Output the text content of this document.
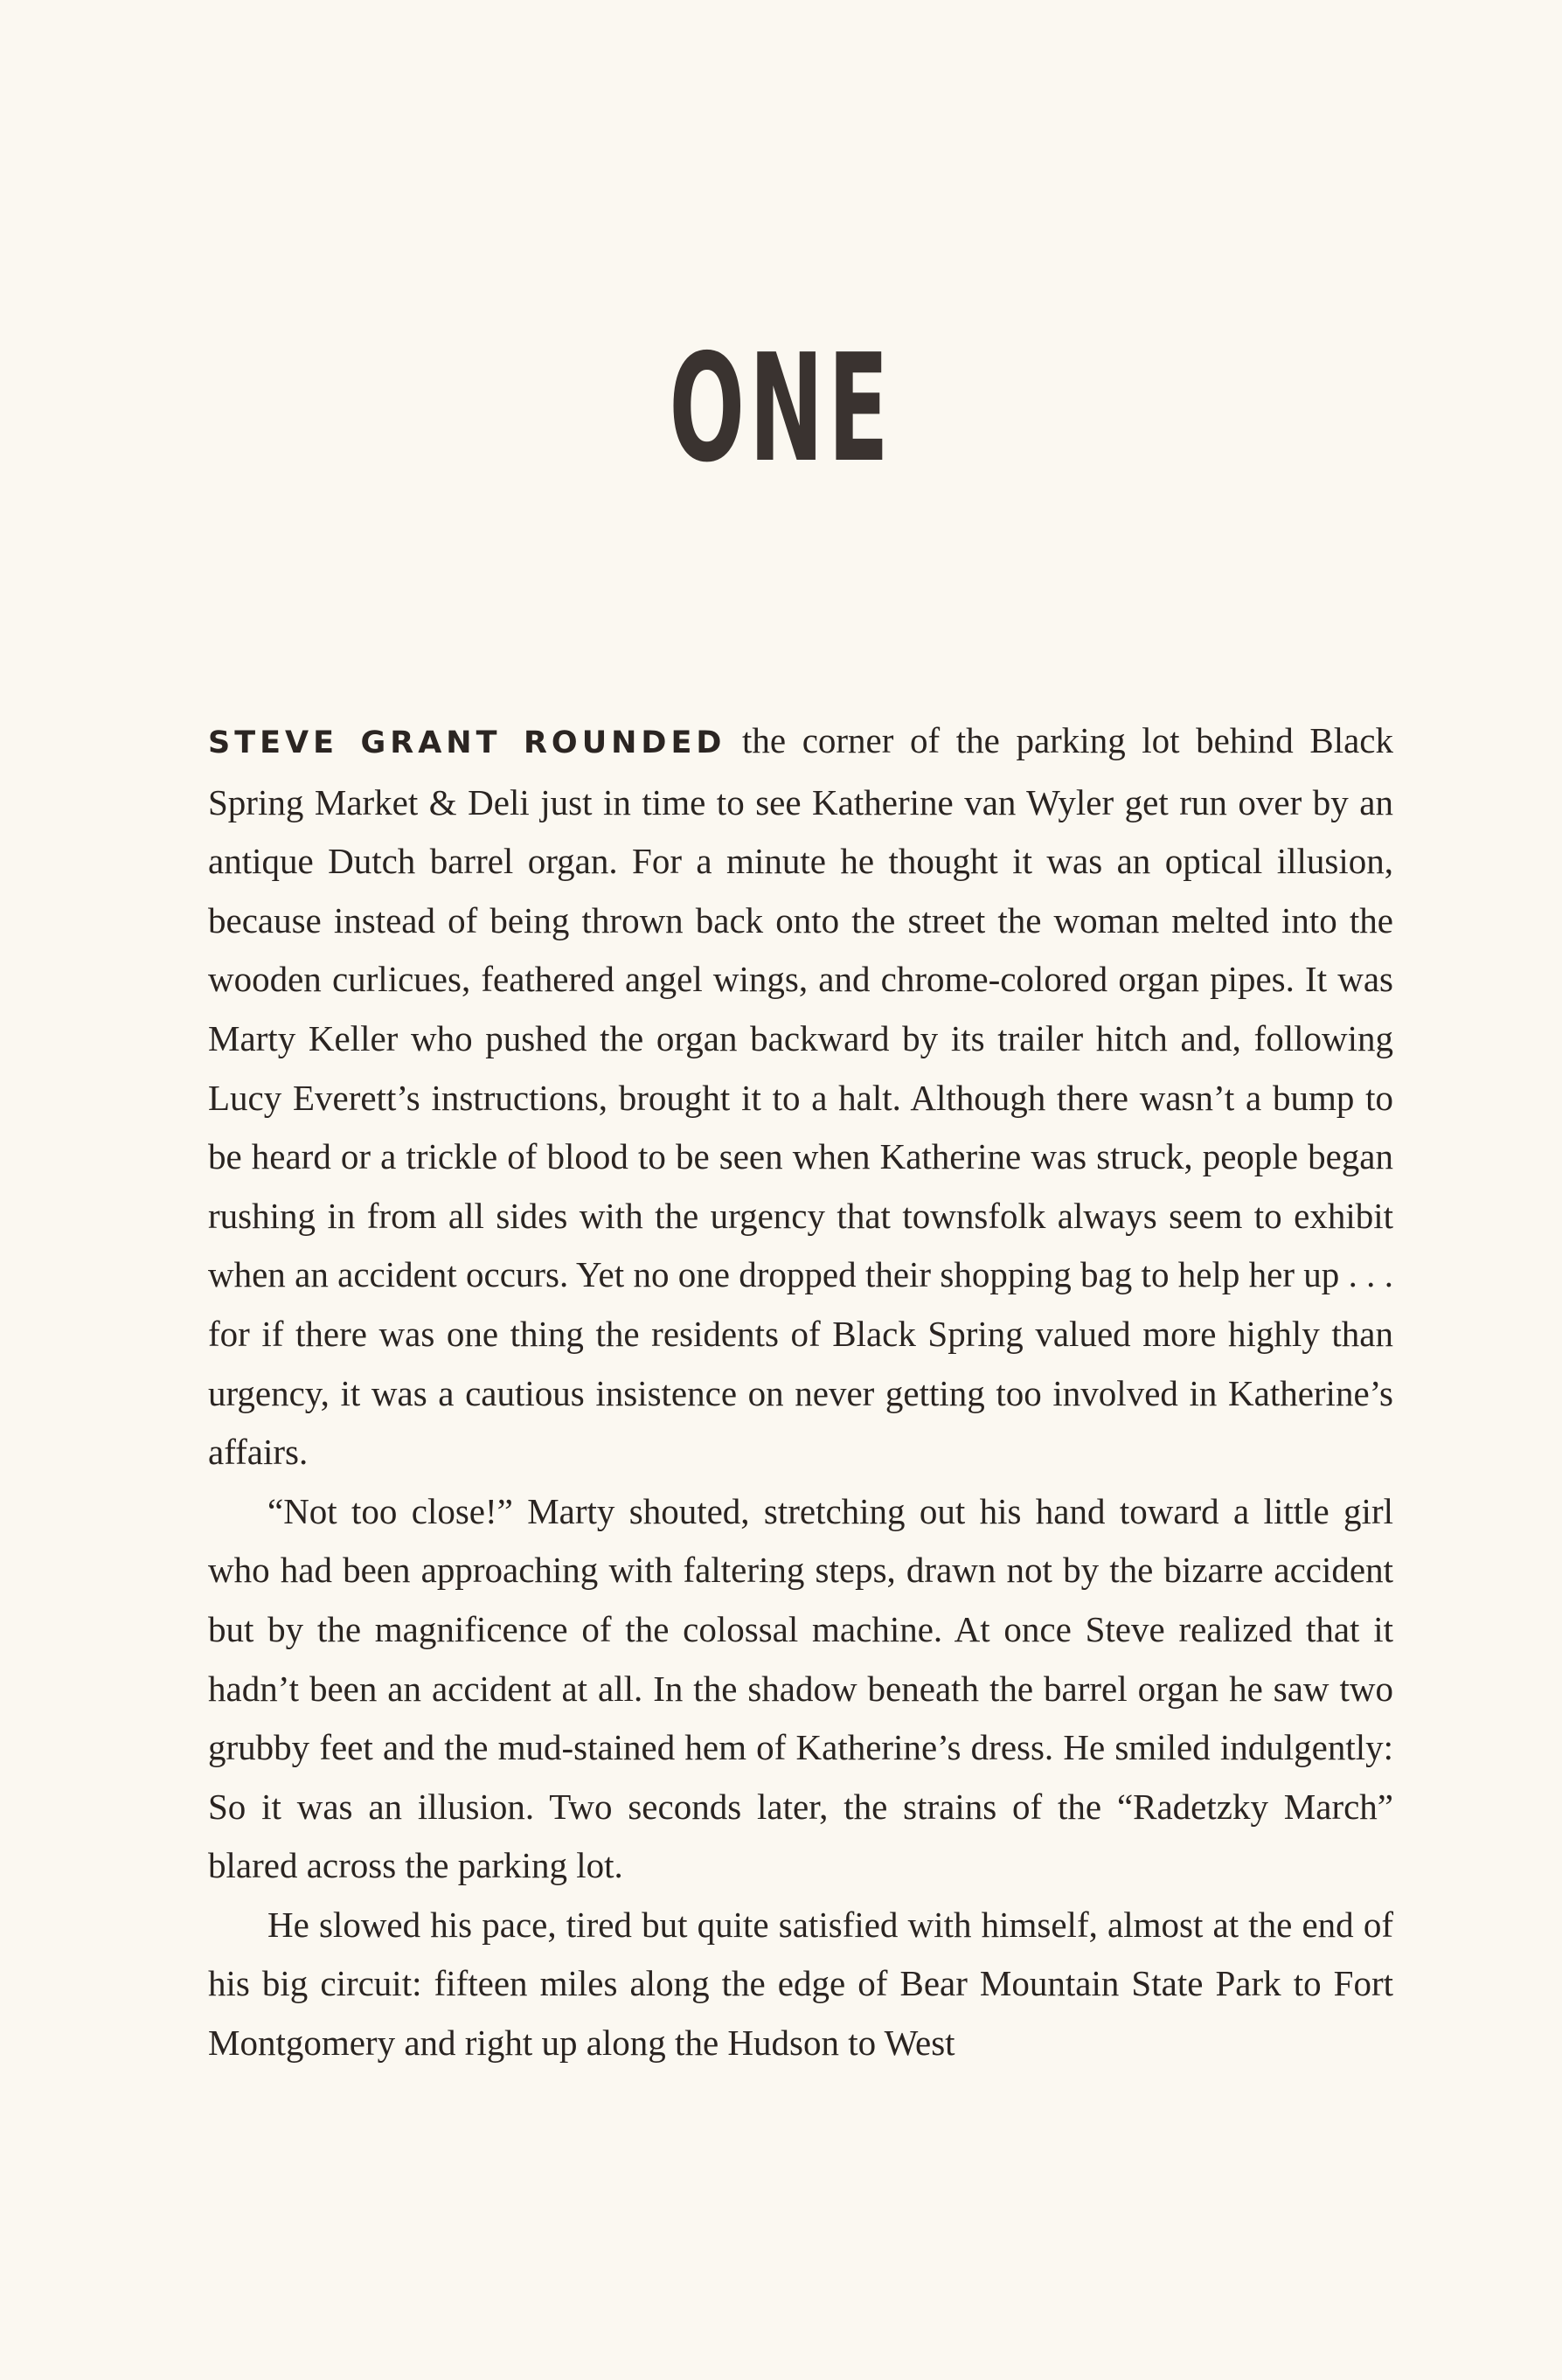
ONE

STEVE GRANT ROUNDED the corner of the parking lot behind Black Spring Market & Deli just in time to see Katherine van Wyler get run over by an antique Dutch barrel organ. For a minute he thought it was an optical illusion, because instead of being thrown back onto the street the woman melted into the wooden curlicues, feathered angel wings, and chrome-colored organ pipes. It was Marty Keller who pushed the organ backward by its trailer hitch and, following Lucy Everett’s instructions, brought it to a halt. Although there wasn’t a bump to be heard or a trickle of blood to be seen when Katherine was struck, people began rushing in from all sides with the urgency that townsfolk always seem to exhibit when an accident occurs. Yet no one dropped their shopping bag to help her up . . . for if there was one thing the residents of Black Spring valued more highly than urgency, it was a cautious insistence on never getting too involved in Katherine’s affairs.

“Not too close!” Marty shouted, stretching out his hand toward a little girl who had been approaching with faltering steps, drawn not by the bizarre accident but by the magnificence of the colossal machine. At once Steve realized that it hadn’t been an accident at all. In the shadow beneath the barrel organ he saw two grubby feet and the mud-stained hem of Katherine’s dress. He smiled indulgently: So it was an illusion. Two seconds later, the strains of the “Radetzky March” blared across the parking lot.

He slowed his pace, tired but quite satisfied with himself, almost at the end of his big circuit: fifteen miles along the edge of Bear Mountain State Park to Fort Montgomery and right up along the Hudson to West
